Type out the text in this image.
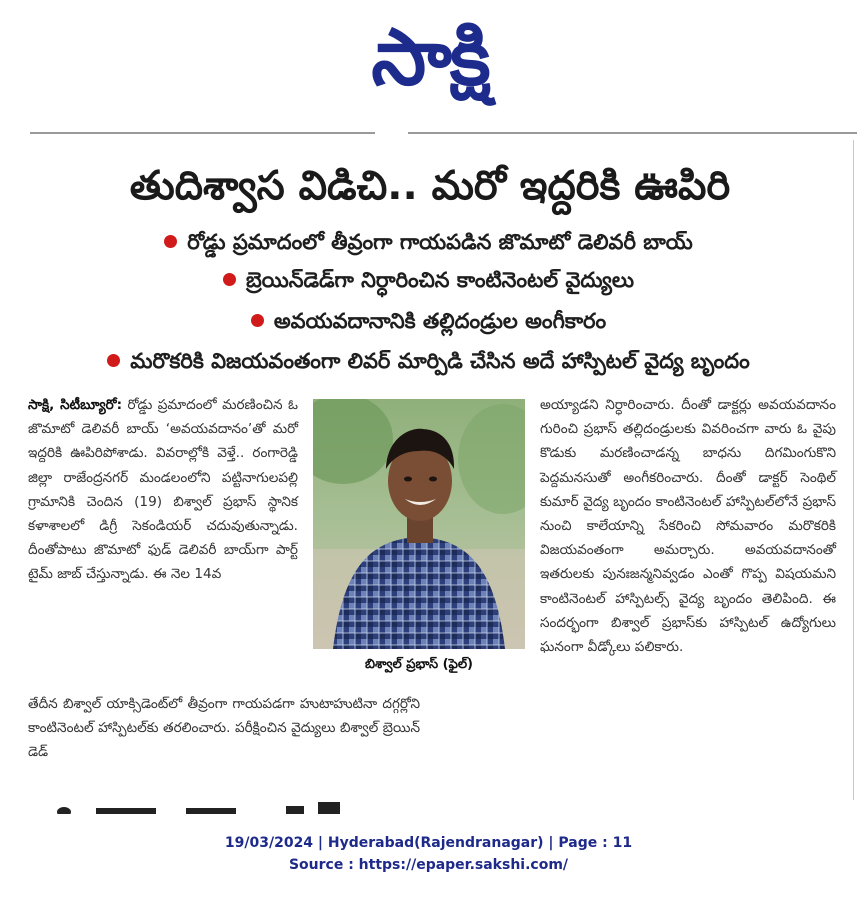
సాక్షి
తుదిశ్వాస విడిచి.. మరో ఇద్దరికి ఊపిరి
రోడ్డు ప్రమాదంలో తీవ్రంగా గాయపడిన జొమాటో డెలివరీ బాయ్
బ్రెయిన్‌డెడ్‌గా నిర్ధారించిన కాంటినెంటల్ వైద్యులు
అవయవదానానికి తల్లిదండ్రుల అంగీకారం
మరొకరికి విజయవంతంగా లివర్ మార్పిడి చేసిన అదే హాస్పిటల్ వైద్య బృందం

సాక్షి, సిటీబ్యూరో: రోడ్డు ప్రమాదంలో మరణించిన ఓ జొమాటో డెలివరీ బాయ్ ‘అవయవదానం’తో మరో ఇద్దరికి ఊపిరిపోశాడు. వివరాల్లోకి వెళ్తే.. రంగారెడ్డి జిల్లా రాజేంద్రనగర్ మండలంలోని పట్టినాగులపల్లి గ్రామానికి చెందిన (19) బిశ్వాల్ ప్రభాస్ స్థానిక కళాశాలలో డిగ్రీ సెకండియర్ చదువుతున్నాడు. దీంతోపాటు జొమాటో ఫుడ్ డెలివరీ బాయ్‌గా పార్ట్ టైమ్ జాబ్ చేస్తున్నాడు. ఈ నెల 14వ

బిశ్వాల్ ప్రభాస్ (ఫైల్)

అయ్యాడని నిర్ధారించారు. దీంతో డాక్టర్లు అవయవదానం గురించి ప్రభాస్ తల్లిదండ్రులకు వివరించగా వారు ఓ వైపు కొడుకు మరణించాడన్న బాధను దిగమింగుకొని పెద్దమనసుతో అంగీకరించారు. దీంతో డాక్టర్ సెంథిల్ కుమార్ వైద్య బృందం కాంటినెంటల్ హాస్పిటల్‌లోనే ప్రభాస్ నుంచి కాలేయాన్ని సేకరించి సోమవారం మరొకరికి విజయవంతంగా అమర్చారు. అవయవదానంతో ఇతరులకు పునఃజన్మనివ్వడం ఎంతో గొప్ప విషయమని కాంటినెంటల్ హాస్పిటల్స్ వైద్య బృందం తెలిపింది. ఈ సందర్భంగా బిశ్వాల్ ప్రభాస్‌కు హాస్పిటల్ ఉద్యోగులు ఘనంగా వీడ్కోలు పలికారు.

తేదీన బిశ్వాల్ యాక్సిడెంట్‌లో తీవ్రంగా గాయపడగా హుటాహుటినా దగ్గర్లోని కాంటినెంటల్ హాస్పిటల్‌కు తరలించారు. పరీక్షించిన వైద్యులు బిశ్వాల్ బ్రెయిన్ డెడ్

19/03/2024 | Hyderabad(Rajendranagar) | Page : 11
Source : https://epaper.sakshi.com/
